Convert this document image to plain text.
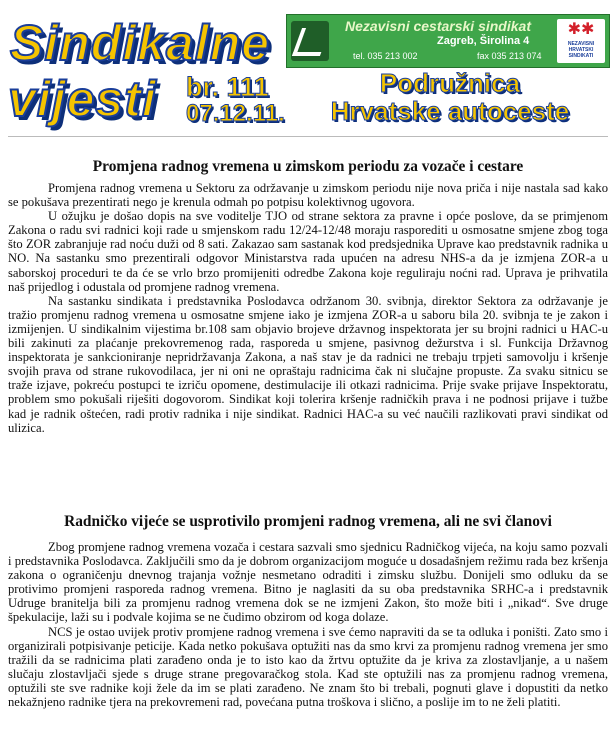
Sindikalne
vijesti br. 111
07.12.11.
Nezavisni cestarski sindikat
Zagreb, Širolina 4
tel. 035 213 002	fax 035 213 074
✱✱
NEZAVISNI HRVATSKI SINDIKATI
Podružnica
Hrvatske autoceste
Promjena radnog vremena u zimskom periodu za vozače i cestare

Promjena radnog vremena u Sektoru za održavanje u zimskom periodu nije nova priča i nije nastala sad kako se pokušava prezentirati nego je krenula odmah po potpisu kolektivnog ugovora.

U ožujku je došao dopis na sve voditelje TJO od strane sektora za pravne i opće poslove, da se primjenom Zakona o radu svi radnici koji rade u smjenskom radu 12/24-12/48 moraju rasporediti u osmosatne smjene zbog toga što ZOR zabranjuje rad noću duži od 8 sati. Zakazao sam sastanak kod predsjednika Uprave kao predstavnik radnika u NO. Na sastanku smo prezentirali odgovor Ministarstva rada upućen na adresu NHS-a da je izmjena ZOR-a u saborskoj proceduri te da će se vrlo brzo promijeniti odredbe Zakona koje reguliraju noćni rad. Uprava je prihvatila naš prijedlog i odustala od promjene radnog vremena.

Na sastanku sindikata i predstavnika Poslodavca održanom 30. svibnja, direktor Sektora za održavanje je tražio promjenu radnog vremena u osmosatne smjene iako je izmjena ZOR-a u saboru bila 20. svibnja te je zakon i izmijenjen. U sindikalnim vijestima br.108 sam objavio brojeve državnog inspektorata jer su brojni radnici u HAC-u bili zakinuti za plaćanje prekovremenog rada, rasporeda u smjene, pasivnog dežurstva i sl. Funkcija Državnog inspektorata je sankcioniranje nepridržavanja Zakona, a naš stav je da radnici ne trebaju trpjeti samovolju i kršenje svojih prava od strane rukovodilaca, jer ni oni ne opraštaju radnicima čak ni slučajne propuste. Za svaku sitnicu se traže izjave, pokreću postupci te izriču opomene, destimulacije ili otkazi radnicima. Prije svake prijave Inspektoratu, problem smo pokušali riješiti dogovorom. Sindikat koji tolerira kršenje radničkih prava i ne podnosi prijave i tužbe kad je radnik oštećen, radi protiv radnika i nije sindikat. Radnici HAC-a su već naučili razlikovati pravi sindikat od ulizica.

Radničko vijeće se usprotivilo promjeni radnog vremena, ali ne svi članovi

Zbog promjene radnog vremena vozača i cestara sazvali smo sjednicu Radničkog vijeća, na koju samo pozvali i predstavnika Poslodavca. Zaključili smo da je dobrom organizacijom moguće u dosadašnjem režimu rada bez kršenja zakona o ograničenju dnevnog trajanja vožnje nesmetano odraditi i zimsku službu. Donijeli smo odluku da se protivimo promjeni rasporeda radnog vremena. Bitno je naglasiti da su oba predstavnika SRHC-a i predstavnik Udruge branitelja bili za promjenu radnog vremena dok se ne izmjeni Zakon, što može biti i „nikad“. Sve druge špekulacije, laži su i podvale kojima se ne čudimo obzirom od koga dolaze.

NCS je ostao uvijek protiv promjene radnog vremena i sve ćemo napraviti da se ta odluka i poništi. Zato smo i organizirali potpisivanje peticije. Kada netko pokušava optužiti nas da smo krvi za promjenu radnog vremena jer smo tražili da se radnicima plati zarađeno onda je to isto kao da žrtvu optužite da je kriva za zlostavljanje, a u našem slučaju zlostavljači sjede s druge strane pregovaračkog stola. Kad ste optužili nas za promjenu radnog vremena, optužili ste sve radnike koji žele da im se plati zarađeno. Ne znam što bi trebali, pognuti glave i dopustiti da netko nekažnjeno radnike tjera na prekovremeni rad, povećana putna troškova i slično, a poslije im to ne želi platiti.
